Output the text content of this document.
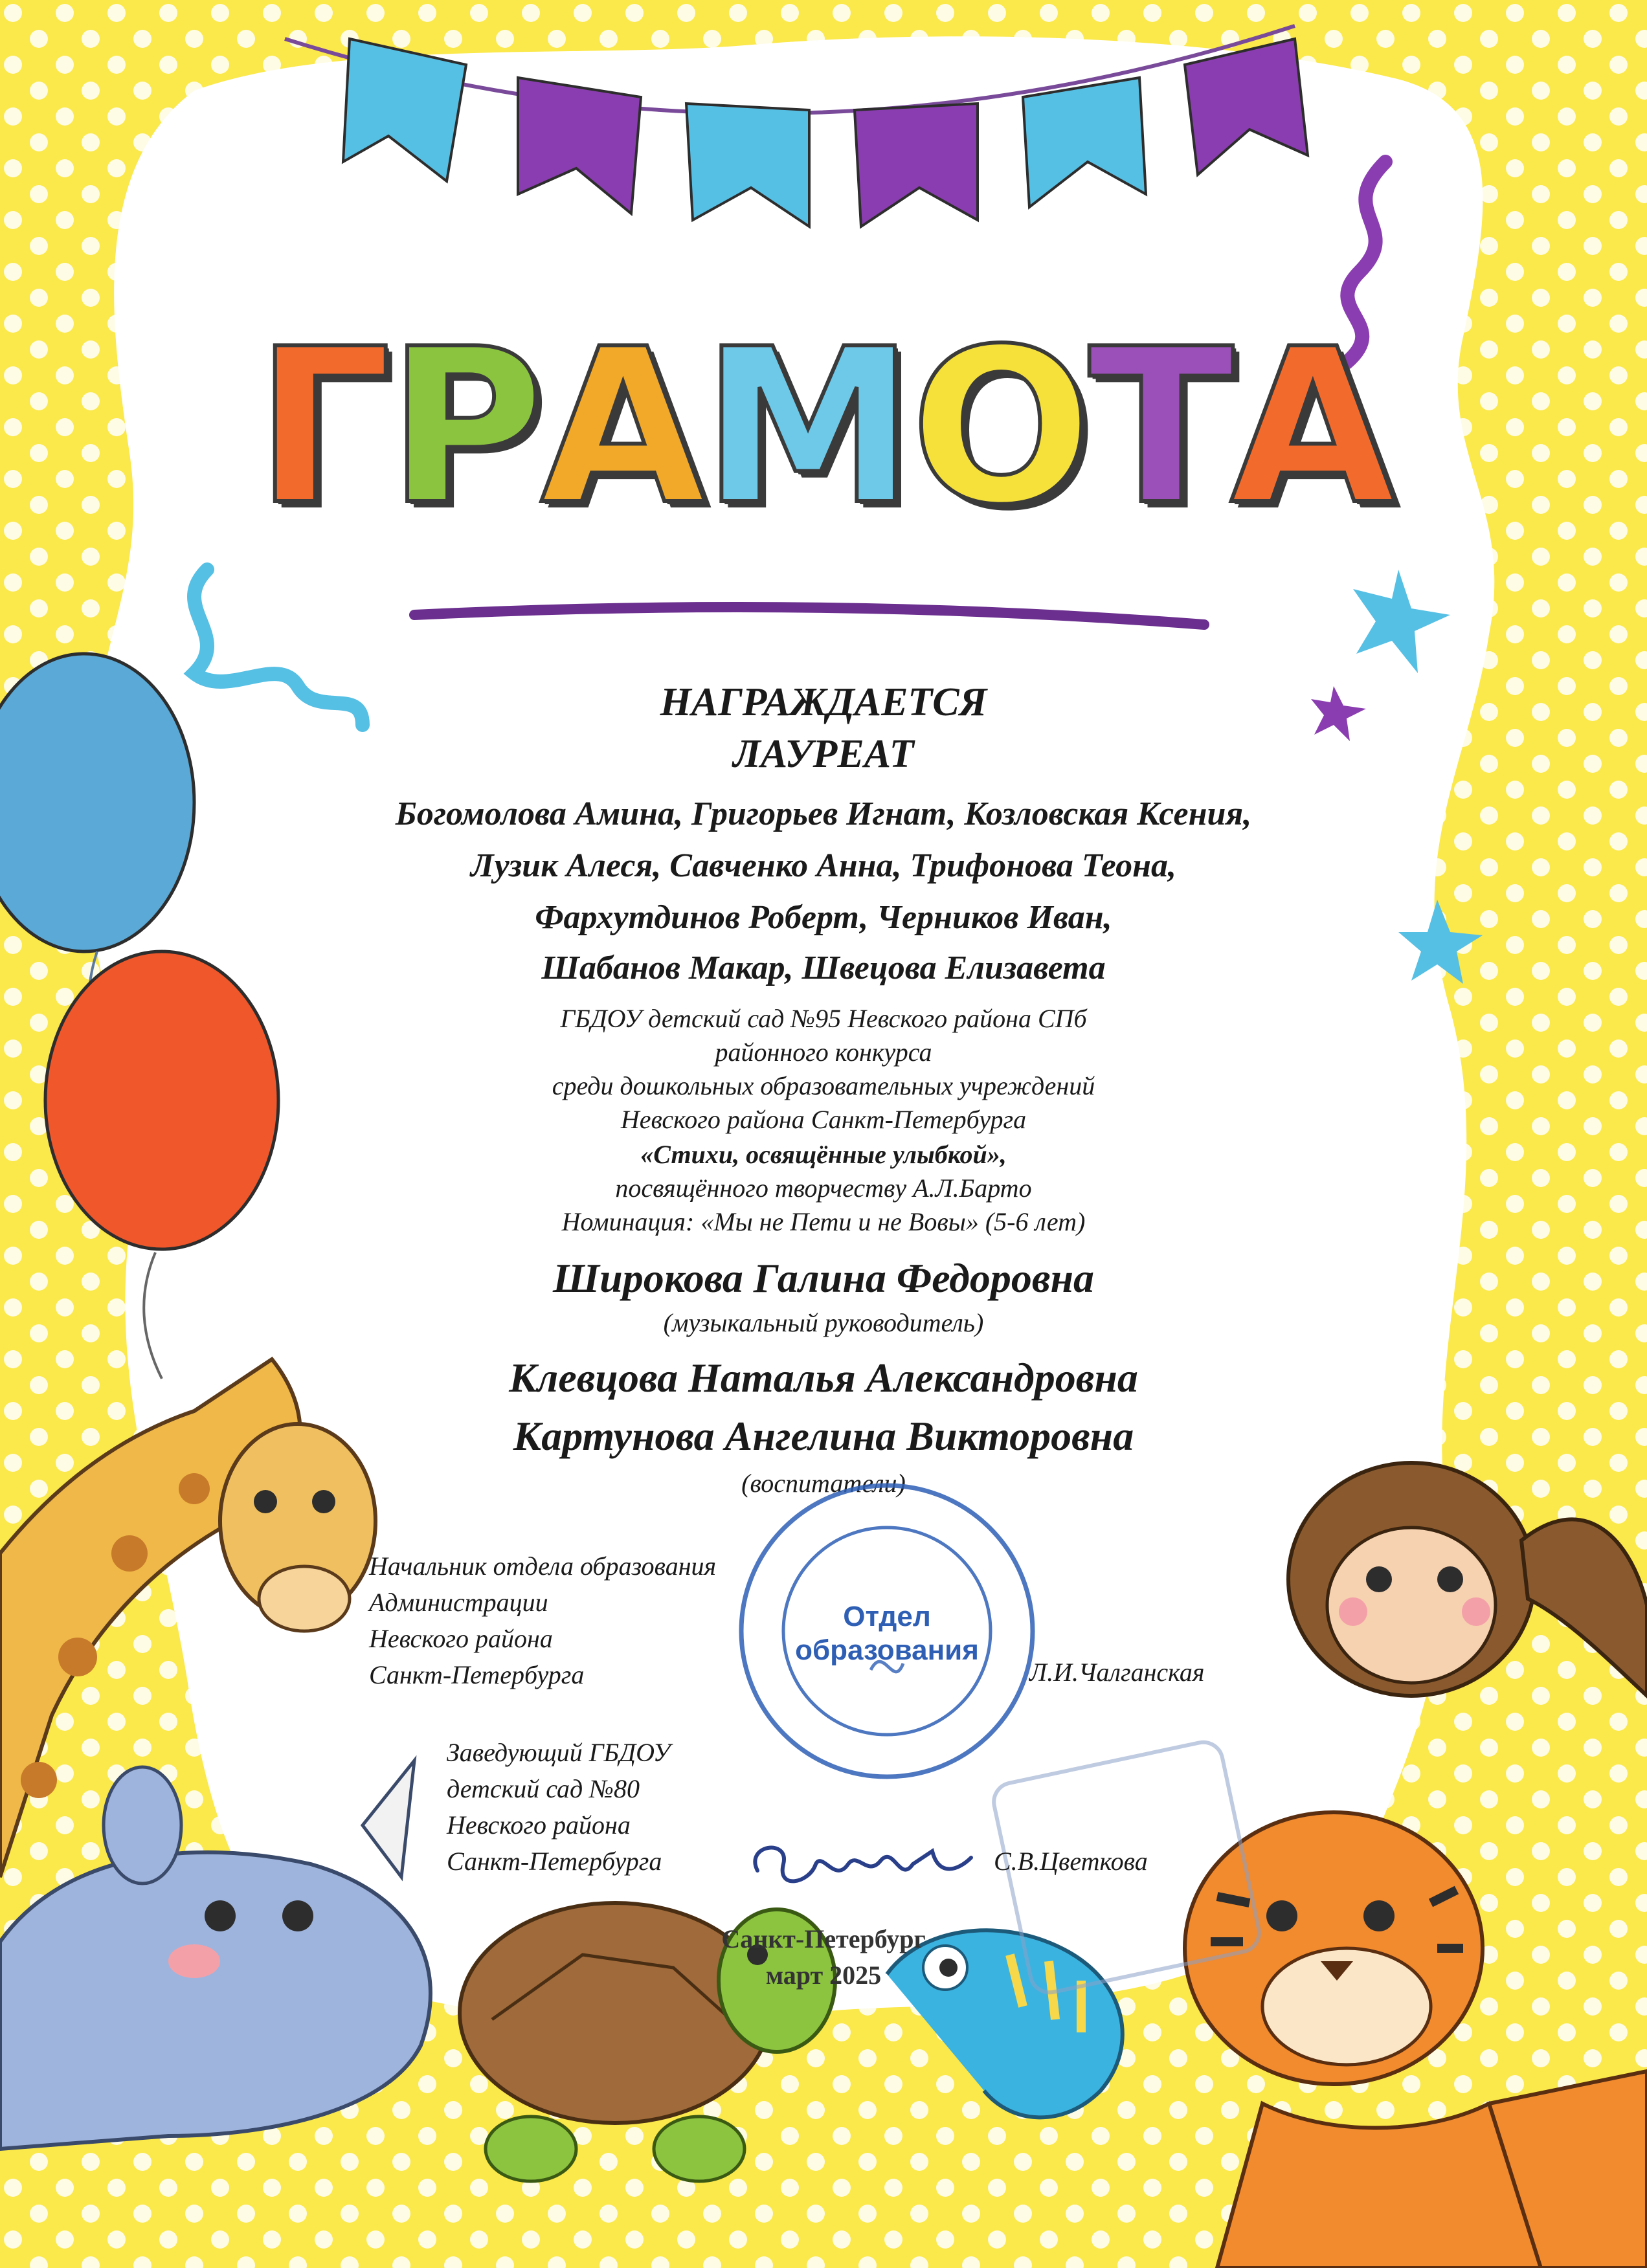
ГРАМОТА

НАГРАЖДАЕТСЯ

ЛАУРЕАТ

Богомолова Амина, Григорьев Игнат, Козловская Ксения,

Лузик Алеся, Савченко Анна, Трифонова Теона,

Фархутдинов Роберт, Черников Иван,

Шабанов Макар, Швецова Елизавета

ГБДОУ детский сад №95 Невского района СПб

районного конкурса

среди дошкольных образовательных учреждений

Невского района Санкт-Петербурга

«Стихи, освящённые улыбкой»,

посвящённого творчеству А.Л.Барто

Номинация: «Мы не Пети и не Вовы» (5-6 лет)

Широкова Галина Федоровна

(музыкальный руководитель)

Клевцова Наталья Александровна

Картунова Ангелина Викторовна

(воспитатели)

Отдел
образования
Начальник отдела образования
Администрации
Невского района
Санкт-Петербурга	Л.И.Чалганская
Заведующий ГБДОУ
детский сад №80
Невского района
Санкт-Петербурга	С.В.Цветкова
Санкт-Петербург
март 2025
